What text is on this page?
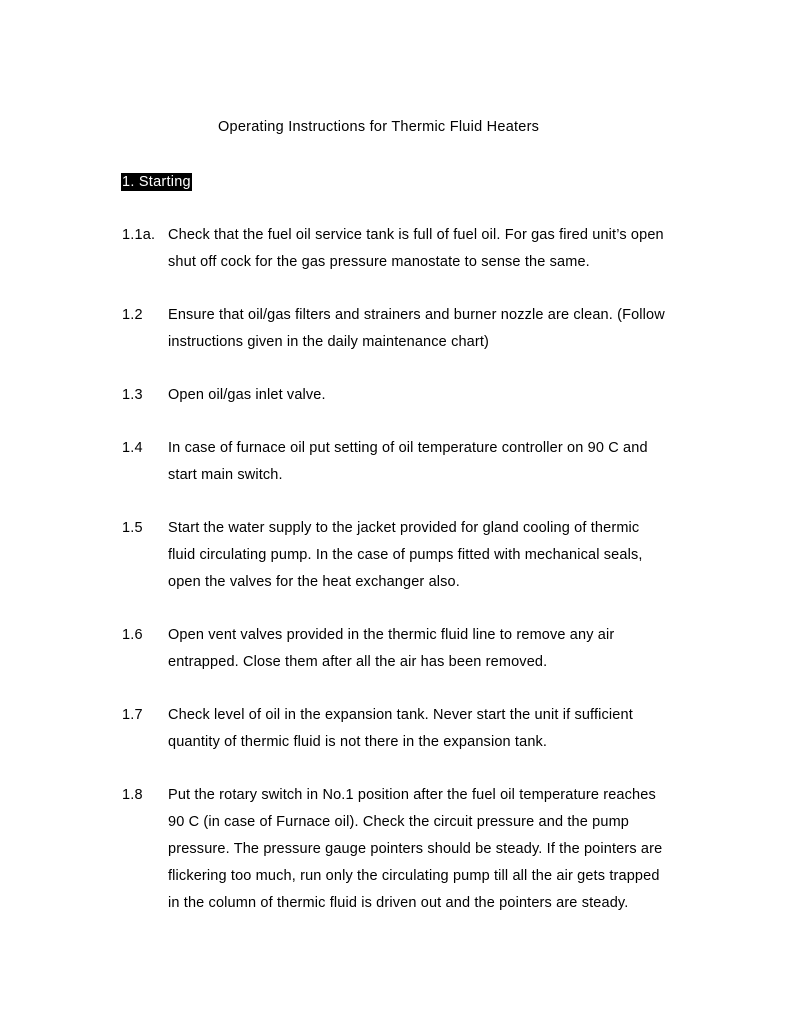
Operating Instructions for Thermic Fluid Heaters
1. Starting
1.1a. Check that the fuel oil service tank is full of fuel oil. For gas fired unit’s open
shut off cock for the gas pressure manostate to sense the same.
1.2	Ensure that oil/gas filters and strainers and burner nozzle are clean. (Follow
instructions given in the daily maintenance chart)
1.3	Open oil/gas inlet valve.
1.4	In case of furnace oil put setting of oil temperature controller on 90 C and
start main switch.
1.5	Start the water supply to the jacket provided for gland cooling of thermic
fluid circulating pump. In the case of pumps fitted with mechanical seals,
open the valves for the heat exchanger also.
1.6	Open vent valves provided in the thermic fluid line to remove any air
entrapped. Close them after all the air has been removed.
1.7	Check level of oil in the expansion tank. Never start the unit if sufficient
quantity of thermic fluid is not there in the expansion tank.
1.8	Put the rotary switch in No.1 position after the fuel oil temperature reaches
90 C (in case of Furnace oil). Check the circuit pressure and the pump
pressure. The pressure gauge pointers should be steady. If the pointers are
flickering too much, run only the circulating pump till all the air gets trapped
in the column of thermic fluid is driven out and the pointers are steady.
